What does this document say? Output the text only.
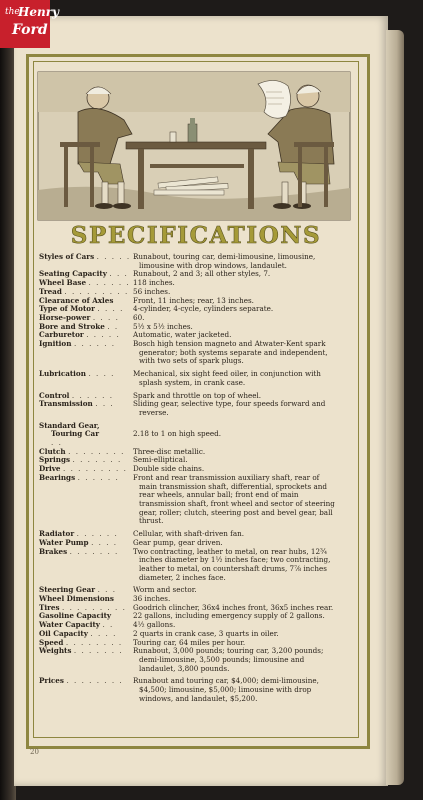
the
Henry
Ford
SPECIFICATIONS
Styles of Cars . . . . . .
Runabout, touring car, demi-limousine, limousine, limousine with drop windows, landaulet.
Seating Capacity . . . Runabout, 2 and 3; all other styles, 7.
Wheel Base . . . . . . .
118 inches.
Tread . . . . . . . . . 56 inches.
Clearance of Axles	Front, 11 inches; rear, 13 inches.
Type of Motor . . . .	4-cylinder, 4-cycle, cylinders separate.
Horse-power . . . .	60.
Bore and Stroke . .	5½ x 5½ inches.
Carburetor . . . . .	Automatic, water jacketed.
Ignition . . . . . .	Bosch high tension magneto and Atwater-Kent spark generator; both systems separate and independent, with two sets of spark plugs.
Lubrication . . . .	Mechanical, six sight feed oiler, in conjunction with splash system, in crank case.
Control . . . . . .	Spark and throttle on top of wheel.
Transmission . . .	Sliding gear, selective type, four speeds forward and reverse.
Standard Gear,
Touring Car
. .
2.18 to 1 on high speed.
Clutch . . . . . . . .	Three-disc metallic.
Springs . . . . . . .	Semi-elliptical.
Drive . . . . . . . . . Double side chains.
Bearings . . . . . .	Front and rear transmission auxiliary shaft, rear of main transmission shaft, differential, sprockets and rear wheels, annular ball; front end of main transmission shaft, front wheel and sector of steering gear, roller; clutch, steering post and bevel gear, ball thrust.
Radiator . . . . . .	Cellular, with shaft-driven fan.
Water Pump . . . .	Gear pump, gear driven.
Brakes . . . . . . .	Two contracting, leather to metal, on rear hubs, 12¾ inches diameter by 1½ inches face; two contracting, leather to metal, on countershaft drums, 7⅞ inches diameter, 2 inches face.
Steering Gear . . .	Worm and sector.
Wheel Dimensions	36 inches.
Tires . . . . . . . . . Goodrich clincher, 36x4 inches front, 36x5 inches rear.
Gasoline Capacity	22 gallons, including emergency supply of 2 gallons.
Water Capacity . .	4½ gallons.
Oil Capacity . . . .	2 quarts in crank case, 3 quarts in oiler.
Speed . . . . . . . .	Touring car, 64 miles per hour.
Weights . . . . . . .	Runabout, 3,000 pounds; touring car, 3,200 pounds; demi-limousine, 3,500 pounds; limousine and landaulet, 3,800 pounds.
Prices . . . . . . . .	Runabout and touring car, $4,000; demi-limousine, $4,500; limousine, $5,000; limousine with drop windows, and landaulet, $5,200.
20
